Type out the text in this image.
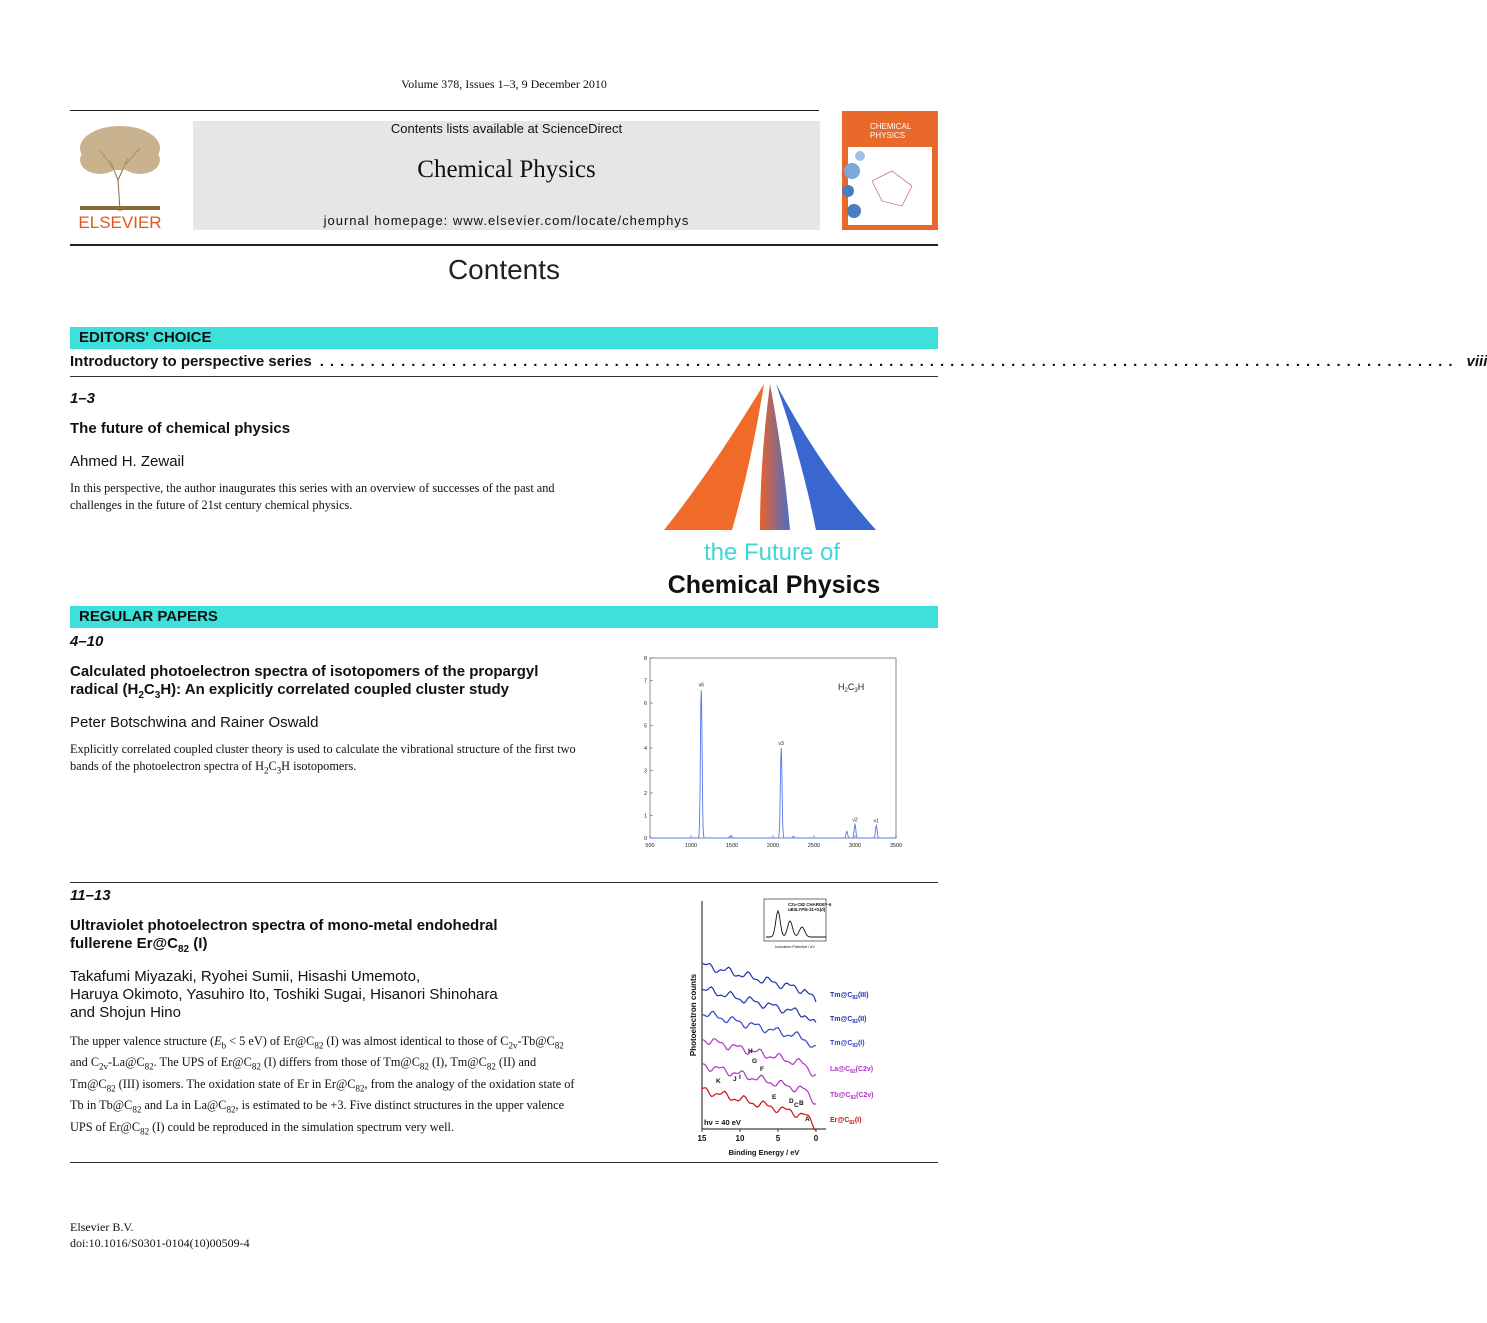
Volume 378, Issues 1–3, 9 December 2010
ELSEVIER
Contents lists available at ScienceDirect
Chemical Physics
journal homepage: www.elsevier.com/locate/chemphys
CHEMICAL
PHYSICS
Contents
EDITORS' CHOICE
Introductory to perspective series ................................................................................................................ viii
1–3
The future of chemical physics
Ahmed H. Zewail
In this perspective, the author inaugurates this series with an overview of successes of the past and challenges in the future of 21st century chemical physics.
the Future of
Chemical Physics
REGULAR PAPERS
4–10
Calculated photoelectron spectra of isotopomers of the propargyl
radical $(H_2C_3H)$: An explicitly correlated coupled cluster study
Peter Botschwina and Rainer Oswald
Explicitly correlated coupled cluster theory is used to calculate the vibrational structure of the first two bands of the photoelectron spectra of $H_2C_3H$ isotopomers.
0
1
2
3
4
5
6
7
8
500	1000	1500	2000	2500	3000	3500
ν6
ν3
ν2	ν1
$H_2C_3H$
11–13
Ultraviolet photoelectron spectra of mono-metal endohedral
fullerene $Er@C_{82}$ (I)
Takafumi Miyazaki, Ryohei Sumii, Hisashi Umemoto,
Haruya Okimoto, Yasuhiro Ito, Toshiki Sugai, Hisanori Shinohara
and Shojun Hino
The upper valence structure ($E_b < 5$ eV) of $Er@C_{82}$ (I) was almost identical to those of $C_{2v}-Tb@C_{82}$ and $C_{2v}-La@C_{82}$. The UPS of $Er@C_{82}$ (I) differs from those of $Tm@C_{82}$ (I), $Tm@C_{82}$ (II) and $Tm@C_{82}$ (III) isomers. The oxidation state of Er in $Er@C_{82}$, from the analogy of the oxidation state of Tb in $Tb@C_{82}$ and La in $La@C_{82}$, is estimated to be +3. Five distinct structures in the upper valence UPS of $Er@C_{82}$ (I) could be reproduced in the simulation spectrum very well.
Photoelectron counts
Binding Energy / eV
15	10	5	0
$Tm@C_{82}(III)$
$Tm@C_{82}(II)$
$Tm@C_{82}(I)$
$La@C_{82}(C2v)$
$Tb@C_{82}(C2v)$
$Er@C_{82}(I)$
K J I
H
G
F
E
D
C B
A
hν = 40 eV
C2v-C82 CHARGE=-6
uB3LYP/6-31+G(d)
Ionization Potential / eV
Elsevier B.V.
doi:10.1016/S0301-0104(10)00509-4
